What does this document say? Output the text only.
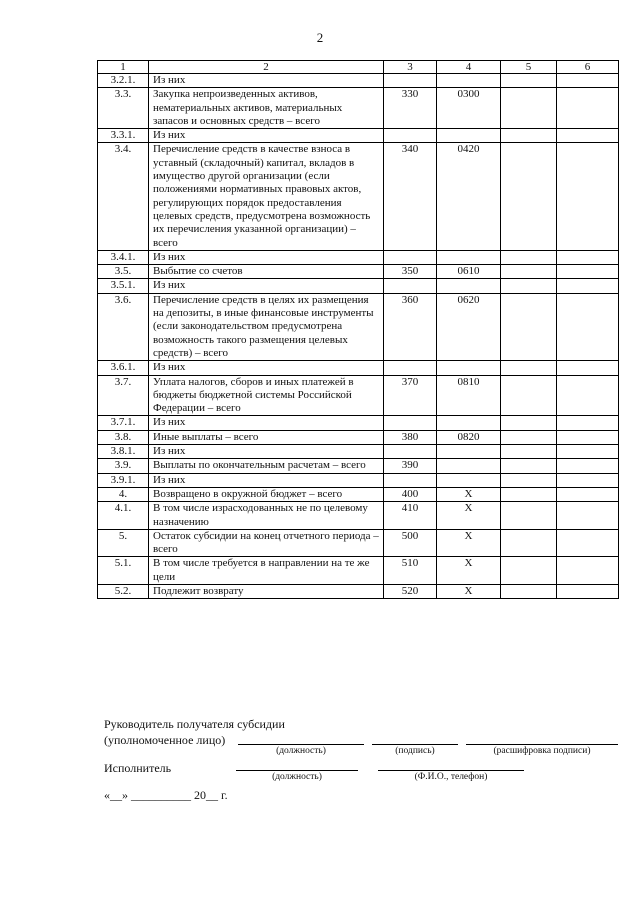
2
1	2	3	4	5	6
3.2.1.	Из них				
3.3.	Закупка непроизведенных активов, нематериальных активов, материальных запасов и основных средств – всего	330	0300		
3.3.1.	Из них				
3.4.	Перечисление средств в качестве взноса в уставный (складочный) капитал, вкладов в имущество другой организации (если положениями нормативных правовых актов, регулирующих порядок предоставления целевых средств, предусмотрена возможность их перечисления указанной организации) – всего	340	0420		
3.4.1.	Из них				
3.5.	Выбытие со счетов	350	0610		
3.5.1.	Из них				
3.6.	Перечисление средств в целях их размещения на депозиты, в иные финансовые инструменты (если законодательством предусмотрена возможность такого размещения целевых средств) – всего	360	0620		
3.6.1.	Из них				
3.7.	Уплата налогов, сборов и иных платежей в бюджеты бюджетной системы Российской Федерации – всего	370	0810		
3.7.1.	Из них				
3.8.	Иные выплаты – всего	380	0820		
3.8.1.	Из них				
3.9.	Выплаты по окончательным расчетам – всего	390			
3.9.1.	Из них				
4.	Возвращено в окружной бюджет – всего	400	X		
4.1.	В том числе израсходованных не по целевому назначению	410	X		
5.	Остаток субсидии на конец отчетного периода – всего	500	X		
5.1.	В том числе требуется в направлении на те же цели	510	X		
5.2.	Подлежит возврату	520	X		
Руководитель получателя субсидии
(уполномоченное лицо)
(должность)	(подпись)	(расшифровка подписи)
Исполнитель
(должность)	(Ф.И.О., телефон)
«__» __________ 20__ г.
